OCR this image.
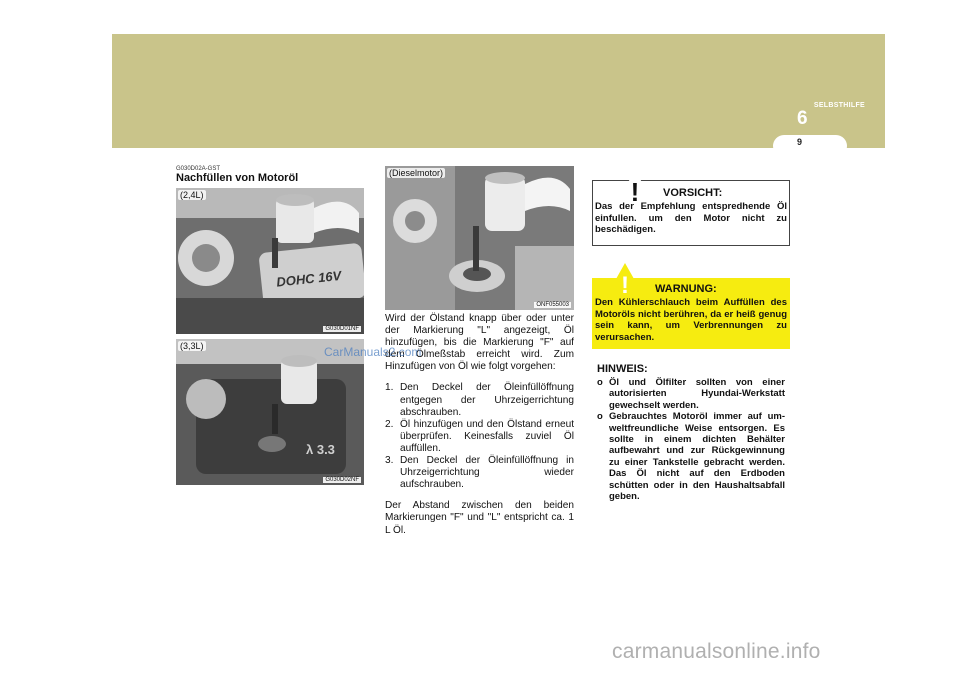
SELBSTHILFE
6
9
G030D02A-GST
Nachfüllen von Motoröl
DOHC 16V
(2,4L)
G030D01NF
λ 3.3
(3,3L)
G030D02NF
(Dieselmotor)
ONF055003

Wird der Ölstand knapp über oder unter der Markierung "L" angezeigt, Öl hinzufügen, bis die Markierung "F" auf dem Ölmeßstab erreicht wird. Zum Hinzufügen von Öl wie folgt vorgehen:

1. Den Deckel der Öleinfüllöffnung entgegen der Uhrzeigerrichtung abschrauben.
2. Öl hinzufügen und den Ölstand erneut überprüfen. Keinesfalls zuviel Öl auffüllen.
3. Den Deckel der Öleinfüllöffnung in Uhrzeigerrichtung wieder aufschrauben.

Der Abstand zwischen den beiden Markierungen "F" und "L" entspricht ca. 1 L Öl.

! VORSICHT:
Das der Empfehlung entspredhende Öl einfullen. um den Motor nicht zu beschädigen.
! WARNUNG:
Den Kühlerschlauch beim Auffüllen des Motoröls nicht berühren, da er heiß genug sein kann, um Verbrennungen zu verursachen.
HINWEIS:
o Öl und Ölfilter sollten von einer autorisierten Hyundai-Werkstatt gewechselt werden.
o Gebrauchtes Motoröl immer auf um-weltfreundliche Weise entsorgen. Es sollte in einem dichten Behälter aufbewahrt und zur Rückgewinnung zu einer Tankstelle gebracht werden. Das Öl nicht auf den Erdboden schütten oder in den Haushaltsabfall geben.
CarManuals2.com
carmanualsonline.info
